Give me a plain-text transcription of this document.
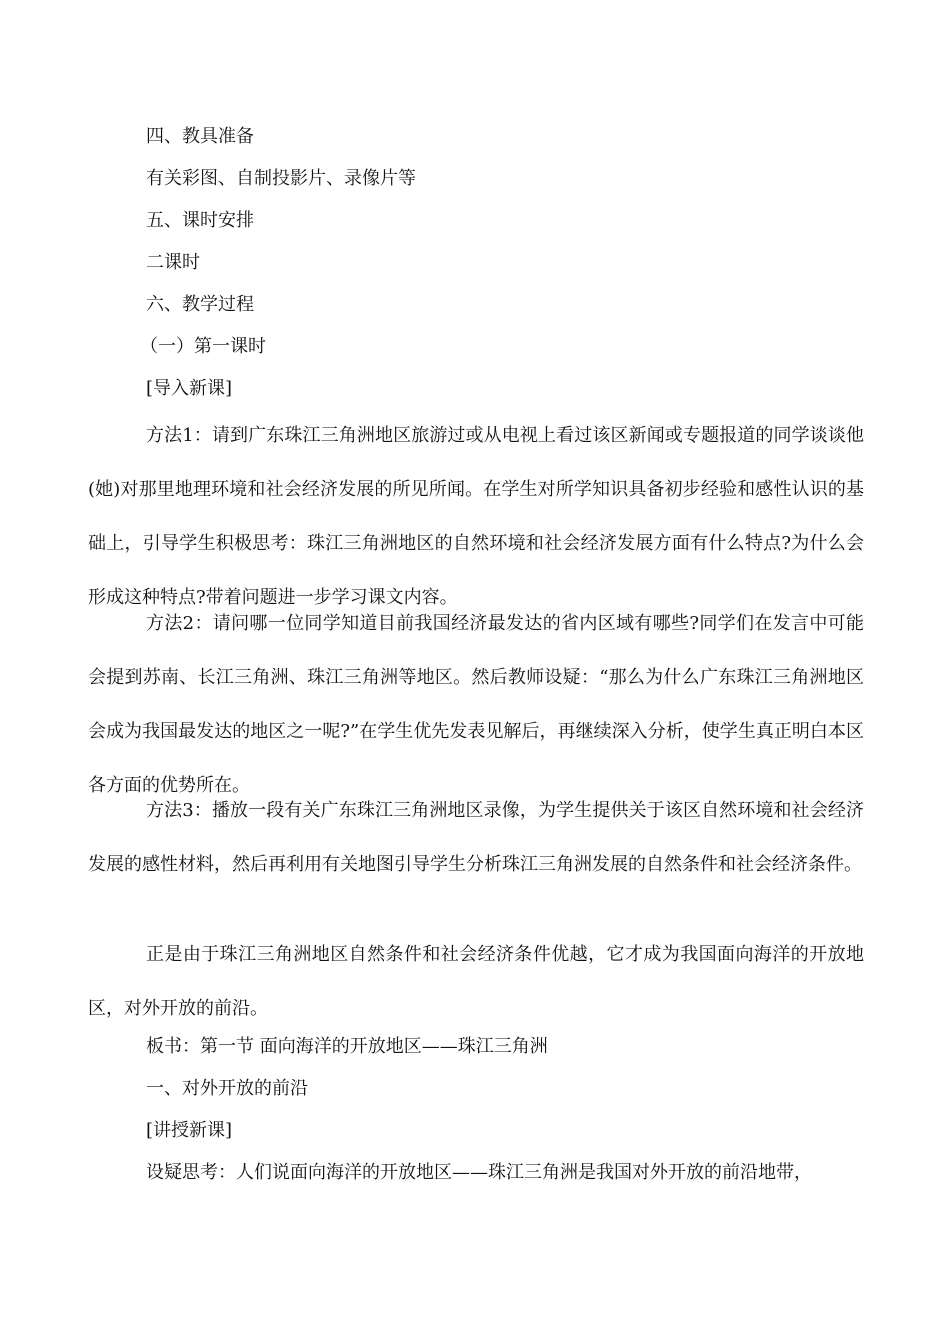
四、教具准备
有关彩图、自制投影片、录像片等
五、课时安排
二课时
六、教学过程
（一）第一课时
[导入新课]

方法1：请到广东珠江三角洲地区旅游过或从电视上看过该区新闻或专题报道的同学谈谈他(她)对那里地理环境和社会经济发展的所见所闻。在学生对所学知识具备初步经验和感性认识的基础上，引导学生积极思考：珠江三角洲地区的自然环境和社会经济发展方面有什么特点?为什么会形成这种特点?带着问题进一步学习课文内容。

方法2：请问哪一位同学知道目前我国经济最发达的省内区域有哪些?同学们在发言中可能会提到苏南、长江三角洲、珠江三角洲等地区。然后教师设疑：“那么为什么广东珠江三角洲地区会成为我国最发达的地区之一呢?”在学生优先发表见解后，再继续深入分析，使学生真正明白本区各方面的优势所在。

方法3：播放一段有关广东珠江三角洲地区录像，为学生提供关于该区自然环境和社会经济发展的感性材料，然后再利用有关地图引导学生分析珠江三角洲发展的自然条件和社会经济条件。

正是由于珠江三角洲地区自然条件和社会经济条件优越，它才成为我国面向海洋的开放地区，对外开放的前沿。

板书：第一节 面向海洋的开放地区——珠江三角洲
一、对外开放的前沿
[讲授新课]
设疑思考：人们说面向海洋的开放地区——珠江三角洲是我国对外开放的前沿地带，
